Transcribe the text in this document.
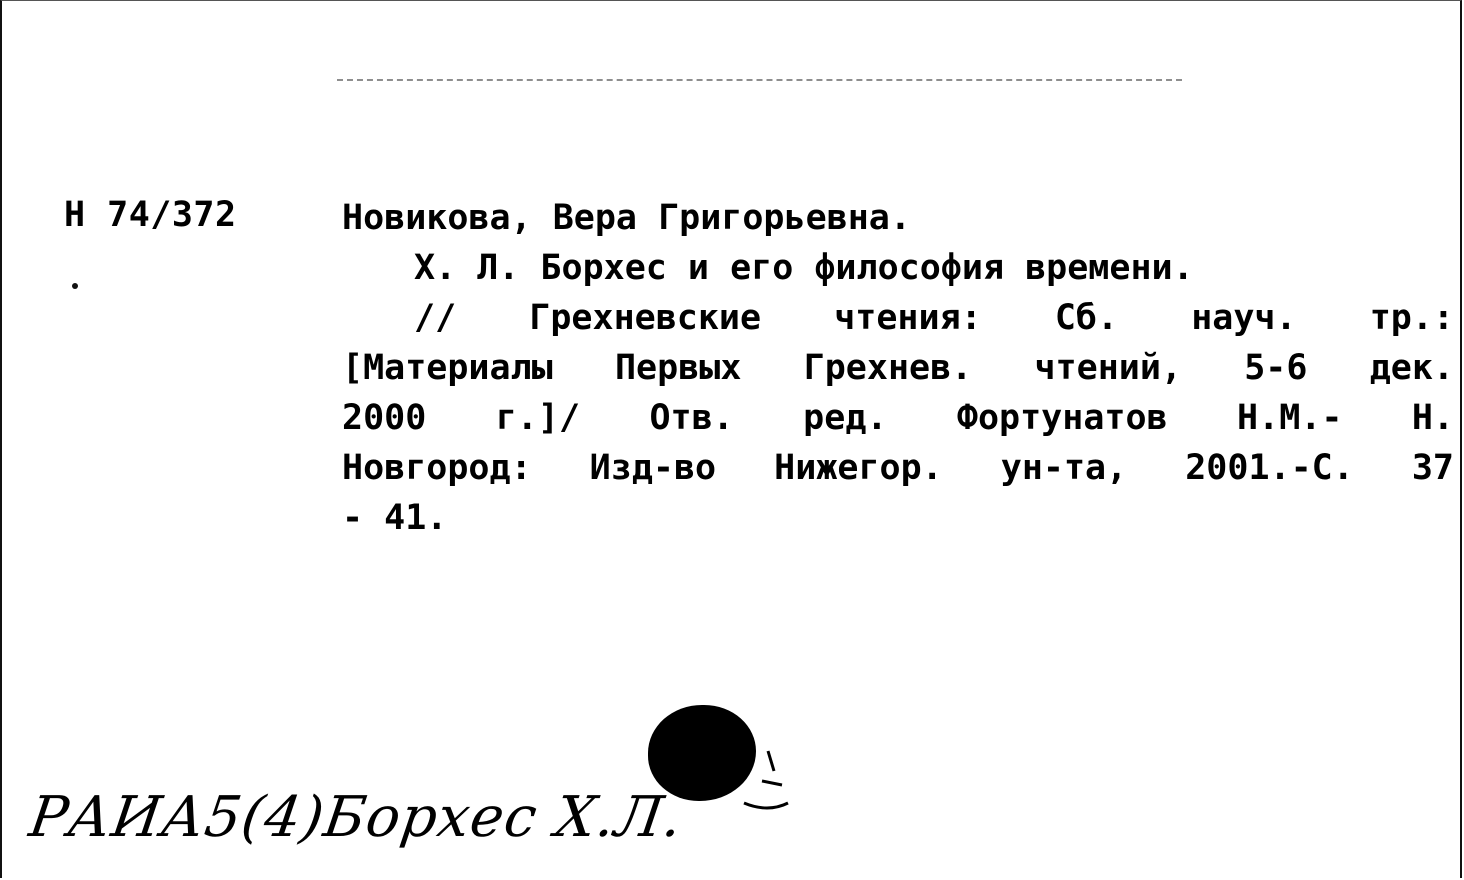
Н 74/372	Новикова, Вера Григорьевна.
Х. Л. Борхес и его философия времени.
// Грехневские чтения: Сб. науч. тр.:
[Материалы Первых Грехнев. чтений, 5-6 дек.
2000 г.]/ Отв. ред. Фортунатов Н.М.- Н.
Новгород: Изд-во Нижегор. ун-та, 2001.-С. 37
- 41.
РАИА5(4)Борхес Х.Л.
